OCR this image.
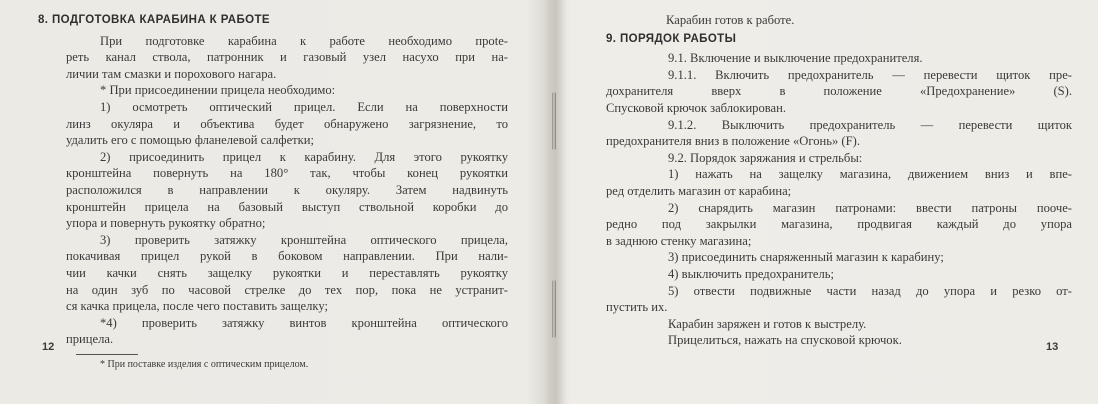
8. ПОДГОТОВКА КАРАБИНА К РАБОТЕ
При подготовке карабина к работе необходимо прote-
реть канал ствола, патронник и газовый узел насухо при на-
личии там смазки и порохового нагара.
* При присоединении прицела необходимо:
1) осмотреть оптический прицел. Если на поверхности
линз окуляра и объектива будет обнаружено загрязнение, то
удалить его с помощью фланелевой салфетки;
2) присоединить прицел к карабину. Для этого рукоятку
кронштейна повернуть на 180° так, чтобы конец рукоятки
расположился в направлении к окуляру. Затем надвинуть
кронштейн прицела на базовый выступ ствольной коробки до
упора и повернуть рукоятку обратно;
3) проверить затяжку кронштейна оптического прицела,
покачивая прицел рукой в боковом направлении. При нали-
чии качки снять защелку рукоятки и переставлять рукоятку
на один зуб по часовой стрелке до тех пор, пока не устранит-
ся качка прицела, после чего поставить защелку;
*4) проверить затяжку винтов кронштейна оптического
прицела.
* При поставке изделия с оптическим прицелом.
12
Карабин готов к работе.
9. ПОРЯДОК РАБОТЫ
9.1. Включение и выключение предохранителя.
9.1.1. Включить предохранитель — перевести щиток пре-
дохранителя вверх в положение «Предохранение» (S).
Спусковой крючок заблокирован.
9.1.2. Выключить предохранитель — перевести щиток
предохранителя вниз в положение «Огонь» (F).
9.2. Порядок заряжания и стрельбы:
1) нажать на защелку магазина, движением вниз и впе-
ред отделить магазин от карабина;
2) снарядить магазин патронами: ввести патроны пооче-
редно под закрылки магазина, продвигая каждый до упора
в заднюю стенку магазина;
3) присоединить снаряженный магазин к карабину;
4) выключить предохранитель;
5) отвести подвижные части назад до упора и резко от-
пустить их.
Карабин заряжен и готов к выстрелу.
Прицелиться, нажать на спусковой крючок.	13
